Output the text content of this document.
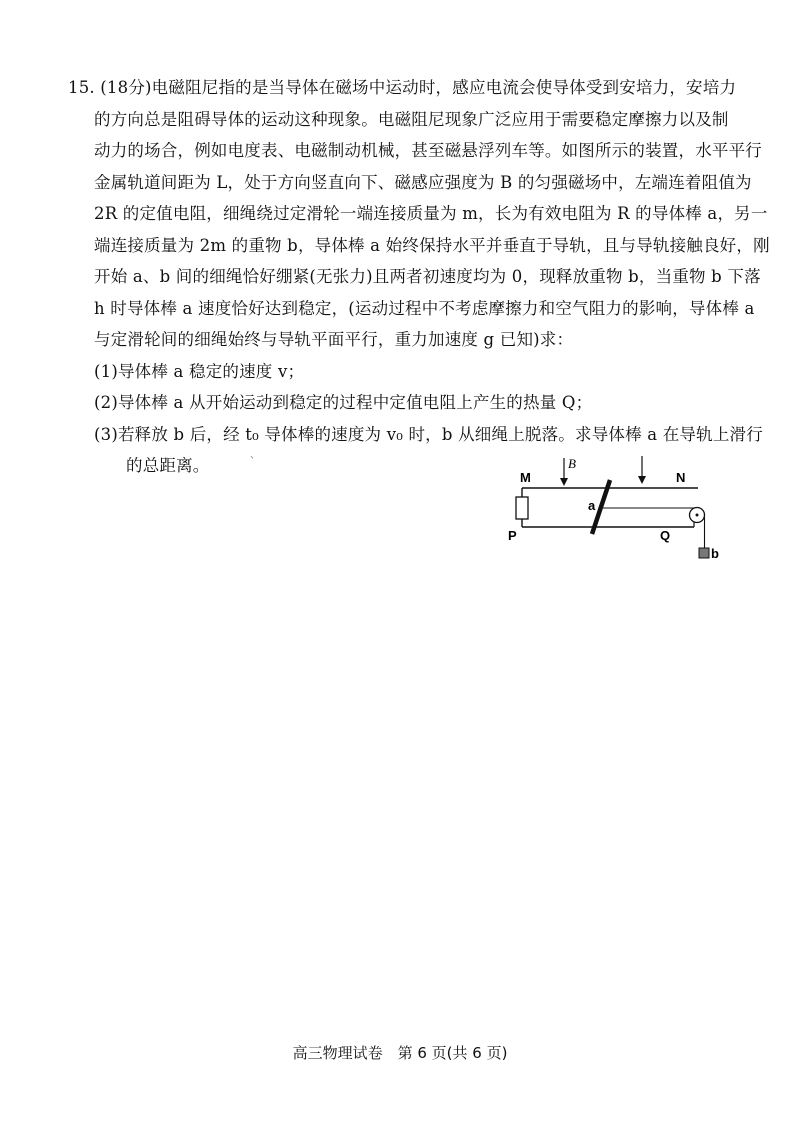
15. (18分)电磁阻尼指的是当导体在磁场中运动时，感应电流会使导体受到安培力，安培力
的方向总是阻碍导体的运动这种现象。电磁阻尼现象广泛应用于需要稳定摩擦力以及制
动力的场合，例如电度表、电磁制动机械，甚至磁悬浮列车等。如图所示的装置，水平平行
金属轨道间距为 L，处于方向竖直向下、磁感应强度为 B 的匀强磁场中，左端连着阻值为
2R 的定值电阻，细绳绕过定滑轮一端连接质量为 m，长为有效电阻为 R 的导体棒 a，另一
端连接质量为 2m 的重物 b，导体棒 a 始终保持水平并垂直于导轨，且与导轨接触良好，刚
开始 a、b 间的细绳恰好绷紧(无张力)且两者初速度均为 0，现释放重物 b，当重物 b 下落
h 时导体棒 a 速度恰好达到稳定，(运动过程中不考虑摩擦力和空气阻力的影响，导体棒 a
与定滑轮间的细绳始终与导轨平面平行，重力加速度 g 已知)求：
(1)导体棒 a 稳定的速度 v；
(2)导体棒 a 从开始运动到稳定的过程中定值电阻上产生的热量 Q；
(3)若释放 b 后，经 t₀ 导体棒的速度为 v₀ 时，b 从细绳上脱落。求导体棒 a 在导轨上滑行
的总距离。
、
M	N
P	Q
B
a
b
高三物理试卷　第 6 页(共 6 页)
